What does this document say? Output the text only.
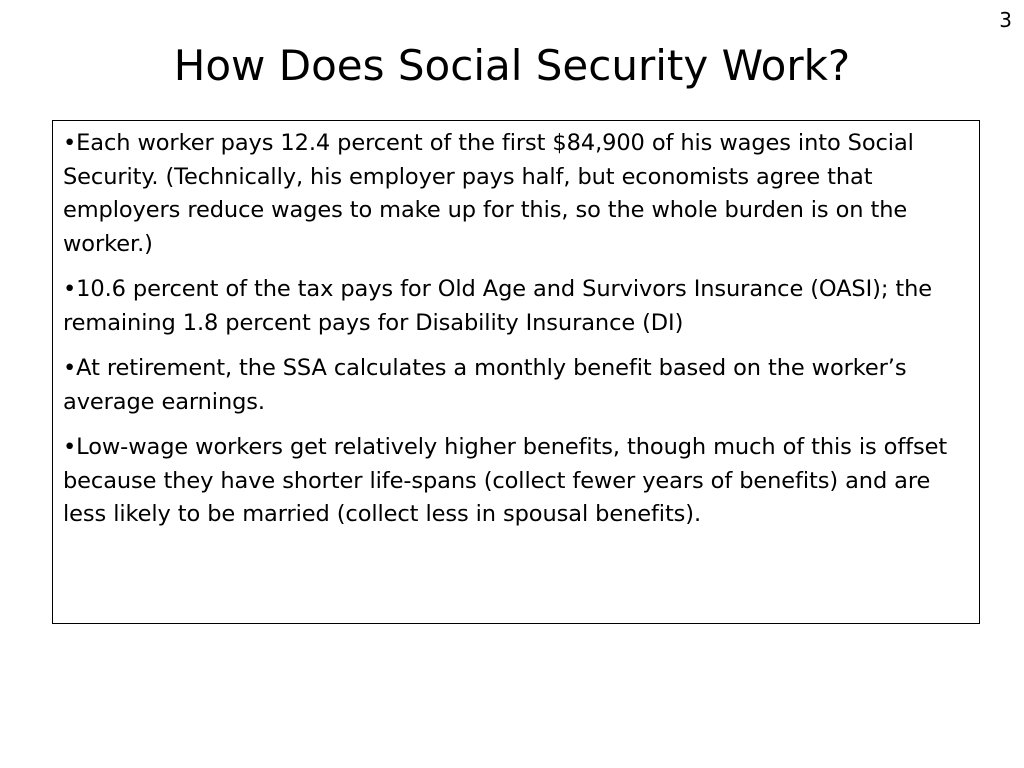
3
How Does Social Security Work?
•Each worker pays 12.4 percent of the first $84,900 of his wages into Social Security. (Technically, his employer pays half, but economists agree that employers reduce wages to make up for this, so the whole burden is on the worker.)
•10.6 percent of the tax pays for Old Age and Survivors Insurance (OASI); the remaining 1.8 percent pays for Disability Insurance (DI)
•At retirement, the SSA calculates a monthly benefit based on the worker’s average earnings.
•Low-wage workers get relatively higher benefits, though much of this is offset because they have shorter life-spans (collect fewer years of benefits) and are less likely to be married (collect less in spousal benefits).
